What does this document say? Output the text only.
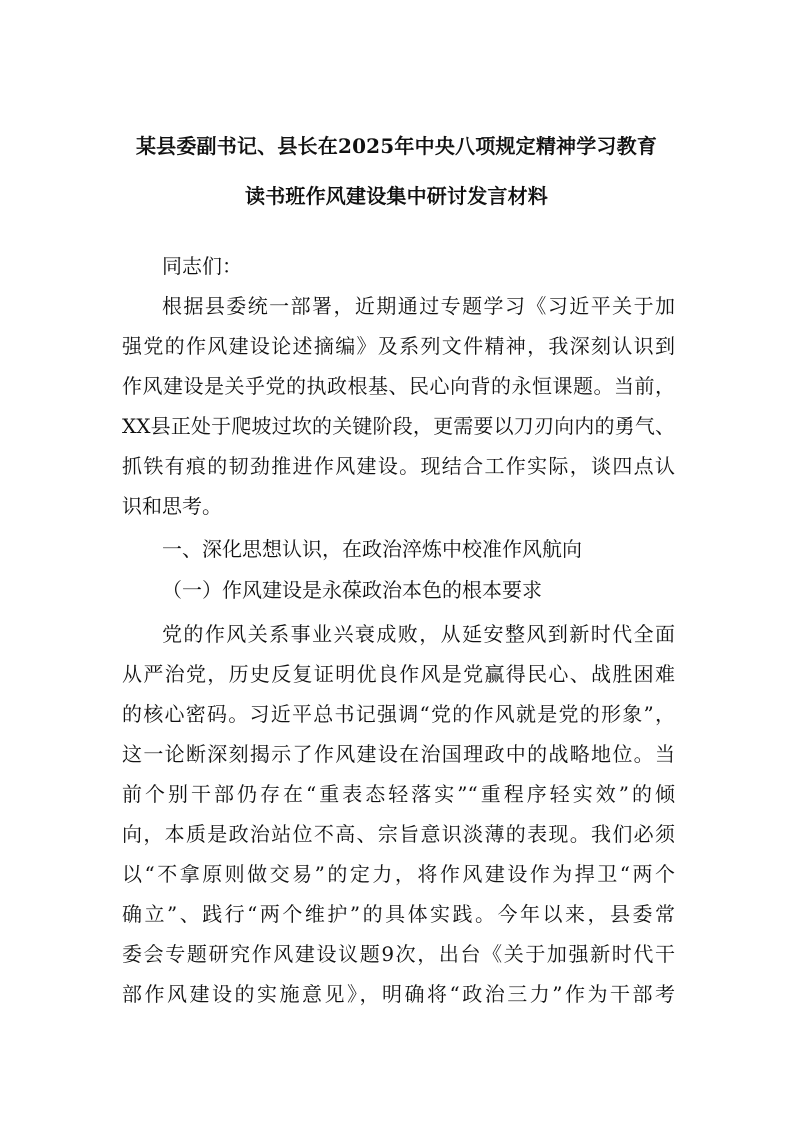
某县委副书记、县长在2025年中央八项规定精神学习教育
读书班作风建设集中研讨发言材料
同志们：
根据县委统一部署，近期通过专题学习《习近平关于加
强党的作风建设论述摘编》及系列文件精神，我深刻认识到
作风建设是关乎党的执政根基、民心向背的永恒课题。当前，
XX县正处于爬坡过坎的关键阶段，更需要以刀刃向内的勇气、
抓铁有痕的韧劲推进作风建设。现结合工作实际，谈四点认
识和思考。
一、深化思想认识，在政治淬炼中校准作风航向
（一）作风建设是永葆政治本色的根本要求
党的作风关系事业兴衰成败，从延安整风到新时代全面
从严治党，历史反复证明优良作风是党赢得民心、战胜困难
的核心密码。习近平总书记强调“党的作风就是党的形象”，
这一论断深刻揭示了作风建设在治国理政中的战略地位。当
前个别干部仍存在“重表态轻落实”“重程序轻实效”的倾
向，本质是政治站位不高、宗旨意识淡薄的表现。我们必须
以“不拿原则做交易”的定力，将作风建设作为捍卫“两个
确立”、践行“两个维护”的具体实践。今年以来，县委常
委会专题研究作风建设议题9次，出台《关于加强新时代干
部作风建设的实施意见》，明确将“政治三力”作为干部考
